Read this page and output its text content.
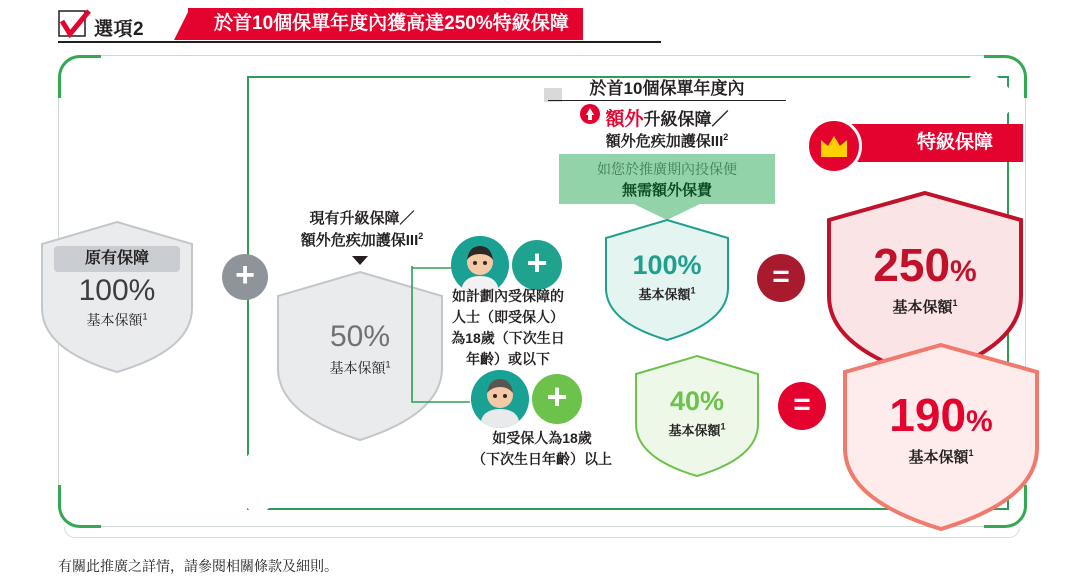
選項2	於首10個保單年度內獲高達250%特級保障
原有保障
100%
基本保額$^1$
+
現有升級保障／
額外危疾加護保III$^2$
50%
基本保額$^1$
於首10個保單年度內
額外升級保障／
額外危疾加護保III$^2$
如您於推廣期內投保便
無需額外保費
+
如計劃內受保障的
人士（即受保人）
為18歲（下次生日
年齡）或以下
100%
基本保額$^1$	=
+
如受保人為18歲
（下次生日年齡）以上
40%
基本保額$^1$
=
特級保障
250%
基本保額$^1$
190%
基本保額$^1$
有關此推廣之詳情，請參閱相關條款及細則。
